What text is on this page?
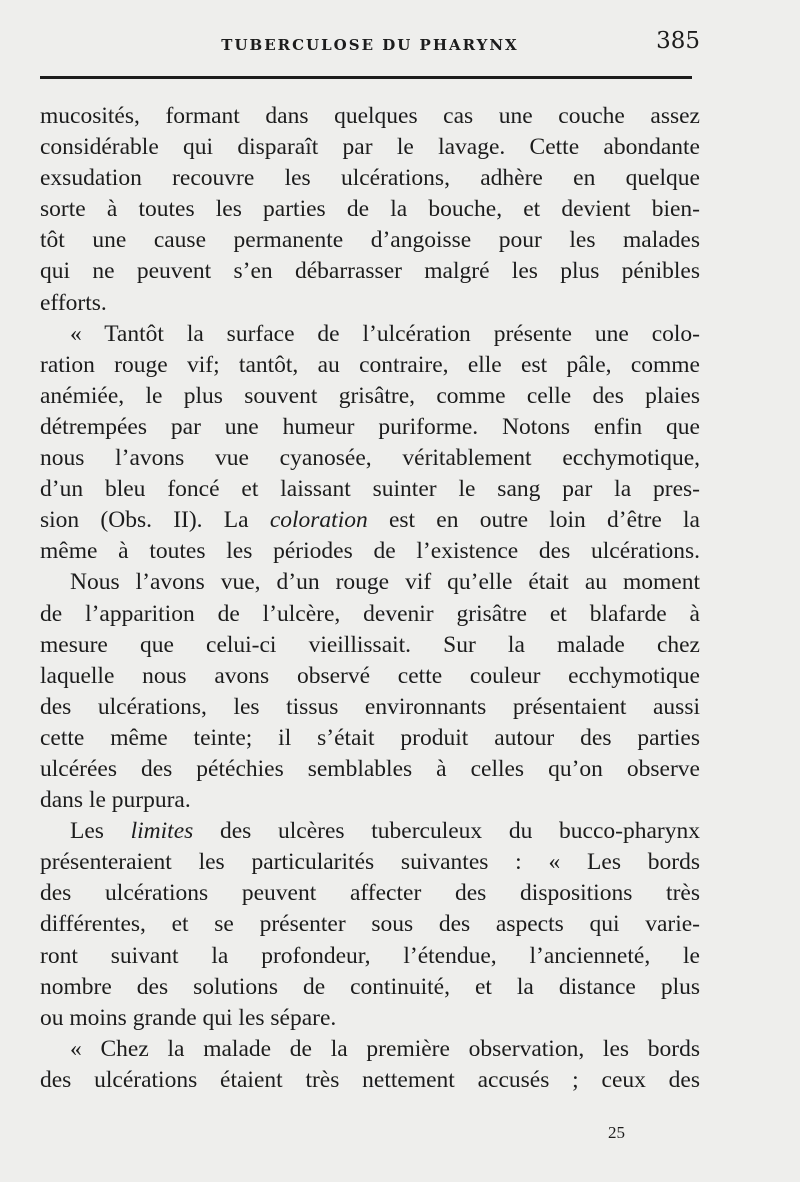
TUBERCULOSE DU PHARYNX	385
mucosités, formant dans quelques cas une couche assez
considérable qui disparaît par le lavage. Cette abondante
exsudation recouvre les ulcérations, adhère en quelque
sorte à toutes les parties de la bouche, et devient bien-
tôt une cause permanente d’angoisse pour les malades
qui ne peuvent s’en débarrasser malgré les plus pénibles
efforts.
« Tantôt la surface de l’ulcération présente une colo-
ration rouge vif; tantôt, au contraire, elle est pâle, comme
anémiée, le plus souvent grisâtre, comme celle des plaies
détrempées par une humeur puriforme. Notons enfin que
nous l’avons vue cyanosée, véritablement ecchymotique,
d’un bleu foncé et laissant suinter le sang par la pres-
sion (Obs. II). La coloration est en outre loin d’être la
même à toutes les périodes de l’existence des ulcérations.
Nous l’avons vue, d’un rouge vif qu’elle était au moment
de l’apparition de l’ulcère, devenir grisâtre et blafarde à
mesure que celui-ci vieillissait. Sur la malade chez
laquelle nous avons observé cette couleur ecchymotique
des ulcérations, les tissus environnants présentaient aussi
cette même teinte; il s’était produit autour des parties
ulcérées des pétéchies semblables à celles qu’on observe
dans le purpura.
Les limites des ulcères tuberculeux du bucco-pharynx
présenteraient les particularités suivantes : « Les bords
des ulcérations peuvent affecter des dispositions très
différentes, et se présenter sous des aspects qui varie-
ront suivant la profondeur, l’étendue, l’ancienneté, le
nombre des solutions de continuité, et la distance plus
ou moins grande qui les sépare.
« Chez la malade de la première observation, les bords
des ulcérations étaient très nettement accusés ; ceux des
25
